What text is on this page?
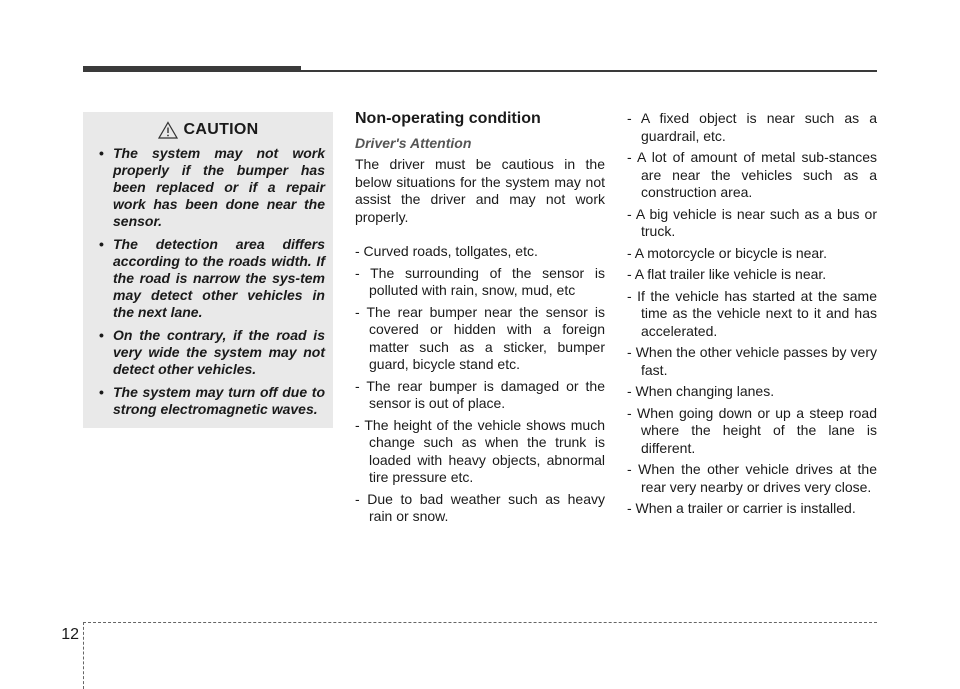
CAUTION
• The system may not work properly if the bumper has been replaced or if a repair work has been done near the sensor.
• The detection area differs according to the roads width. If the road is narrow the sys-tem may detect other vehicles in the next lane.
• On the contrary, if the road is very wide the system may not detect other vehicles.
• The system may turn off due to strong electromagnetic waves.
Non-operating condition
Driver's Attention

The driver must be cautious in the below situations for the system may not assist the driver and may not work properly.

- Curved roads, tollgates, etc.
- The surrounding of the sensor is polluted with rain, snow, mud, etc
- The rear bumper near the sensor is covered or hidden with a foreign matter such as a sticker, bumper guard, bicycle stand etc.
- The rear bumper is damaged or the sensor is out of place.
- The height of the vehicle shows much change such as when the trunk is loaded with heavy objects, abnormal tire pressure etc.
- Due to bad weather such as heavy rain or snow.
- A fixed object is near such as a guardrail, etc.
- A lot of amount of metal sub-stances are near the vehicles such as a construction area.
- A big vehicle is near such as a bus or truck.
- A motorcycle or bicycle is near.
- A flat trailer like vehicle is near.
- If the vehicle has started at the same time as the vehicle next to it and has accelerated.
- When the other vehicle passes by very fast.
- When changing lanes.
- When going down or up a steep road where the height of the lane is different.
- When the other vehicle drives at the rear very nearby or drives very close.
- When a trailer or carrier is installed.
12
